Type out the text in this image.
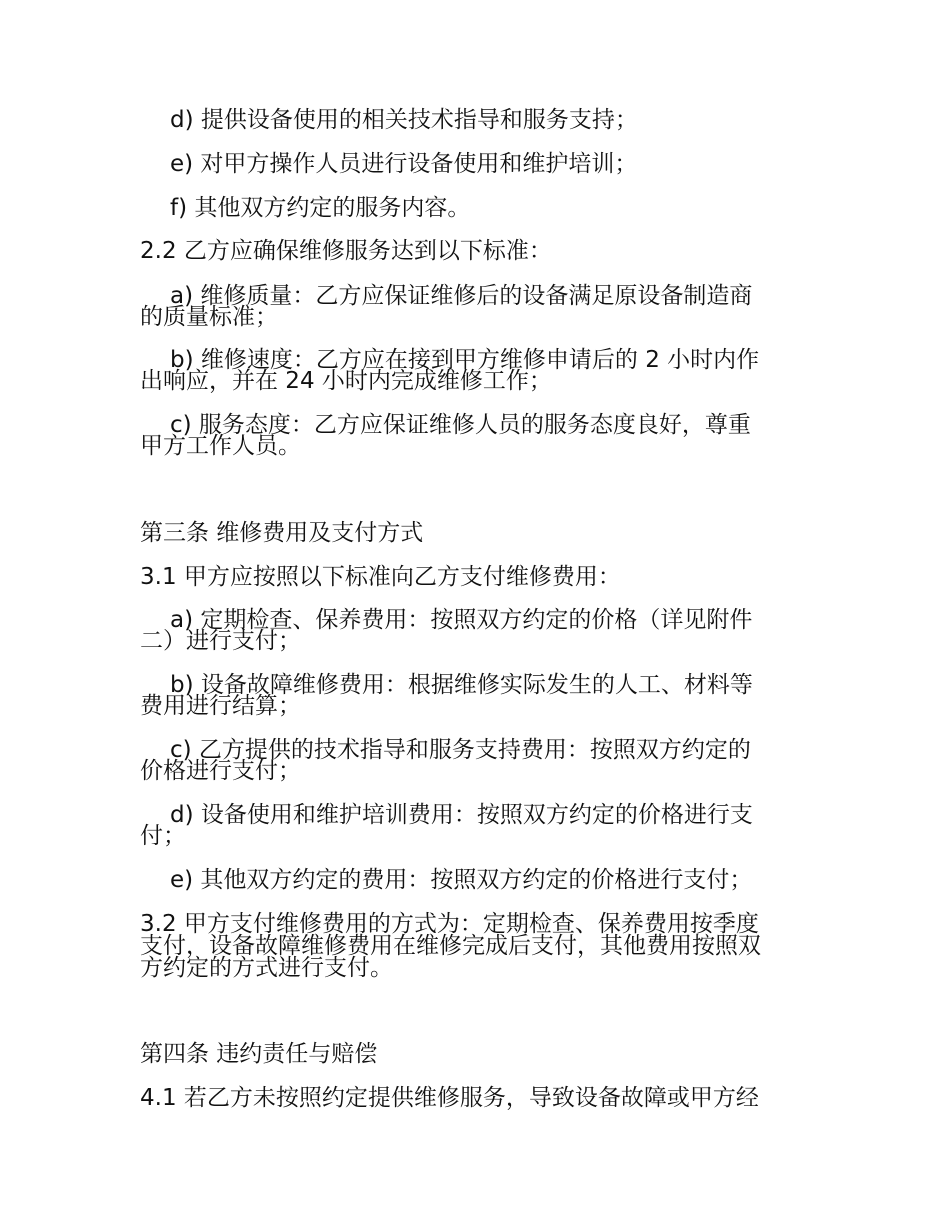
d) 提供设备使用的相关技术指导和服务支持；

e) 对甲方操作人员进行设备使用和维护培训；

f) 其他双方约定的服务内容。

2.2 乙方应确保维修服务达到以下标准：

a) 维修质量：乙方应保证维修后的设备满足原设备制造商

的质量标准；

b) 维修速度：乙方应在接到甲方维修申请后的 2 小时内作

出响应，并在 24 小时内完成维修工作；

c) 服务态度：乙方应保证维修人员的服务态度良好，尊重

甲方工作人员。

第三条 维修费用及支付方式

3.1 甲方应按照以下标准向乙方支付维修费用：

a) 定期检查、保养费用：按照双方约定的价格（详见附件

二）进行支付；

b) 设备故障维修费用：根据维修实际发生的人工、材料等

费用进行结算；

c) 乙方提供的技术指导和服务支持费用：按照双方约定的

价格进行支付；

d) 设备使用和维护培训费用：按照双方约定的价格进行支

付；

e) 其他双方约定的费用：按照双方约定的价格进行支付；

3.2 甲方支付维修费用的方式为：定期检查、保养费用按季度

支付，设备故障维修费用在维修完成后支付，其他费用按照双

方约定的方式进行支付。

第四条 违约责任与赔偿

4.1 若乙方未按照约定提供维修服务，导致设备故障或甲方经
